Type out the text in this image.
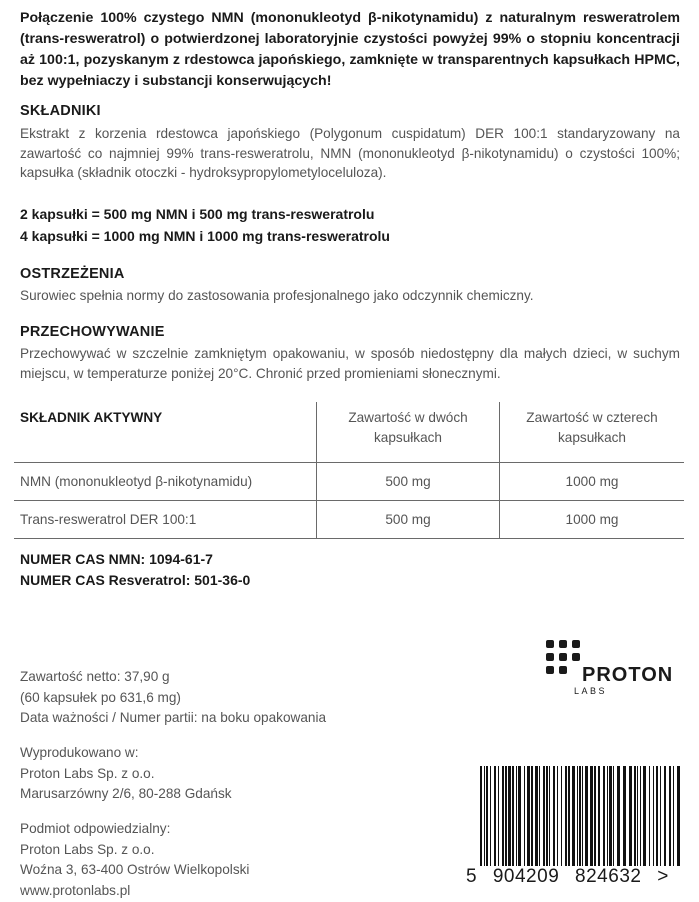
Połączenie 100% czystego NMN (mononukleotyd β-nikotynamidu) z naturalnym resweratrolem (trans-resweratrol) o potwierdzonej laboratoryjnie czystości powyżej 99% o stopniu koncentracji aż 100:1, pozyskanym z rdestowca japońskiego, zamknięte w transparentnych kapsułkach HPMC, bez wypełniaczy i substancji konserwujących!
SKŁADNIKI
Ekstrakt z korzenia rdestowca japońskiego (Polygonum cuspidatum) DER 100:1 standaryzowany na zawartość co najmniej 99% trans-resweratrolu, NMN (mononukleotyd β-nikotynamidu) o czystości 100%; kapsułka (składnik otoczki - hydroksypropylometyloceluloza).
2 kapsułki = 500 mg NMN i 500 mg trans-resweratrolu
4 kapsułki = 1000 mg NMN i 1000 mg trans-resweratrolu
OSTRZEŻENIA
Surowiec spełnia normy do zastosowania profesjonalnego jako odczynnik chemiczny.
PRZECHOWYWANIE
Przechowywać w szczelnie zamkniętym opakowaniu, w sposób niedostępny dla małych dzieci, w suchym miejscu, w temperaturze poniżej 20°C. Chronić przed promieniami słonecznymi.
SKŁADNIK AKTYWNY	Zawartość w dwóch kapsułkach	Zawartość w czterech kapsułkach
NMN (mononukleotyd β-nikotynamidu)	500 mg	1000 mg
Trans-resweratrol DER 100:1	500 mg	1000 mg
NUMER CAS NMN: 1094-61-7
NUMER CAS Resveratrol: 501-36-0
Zawartość netto: 37,90 g
(60 kapsułek po 631,6 mg)
Data ważności / Numer partii: na boku opakowania
Wyprodukowano w:
Proton Labs Sp. z o.o.
Marusarzówny 2/6, 80-288 Gdańsk
Podmiot odpowiedzialny:
Proton Labs Sp. z o.o.
Woźna 3, 63-400 Ostrów Wielkopolski
www.protonlabs.pl
PROTON
LABS
5 904209 824632 >
